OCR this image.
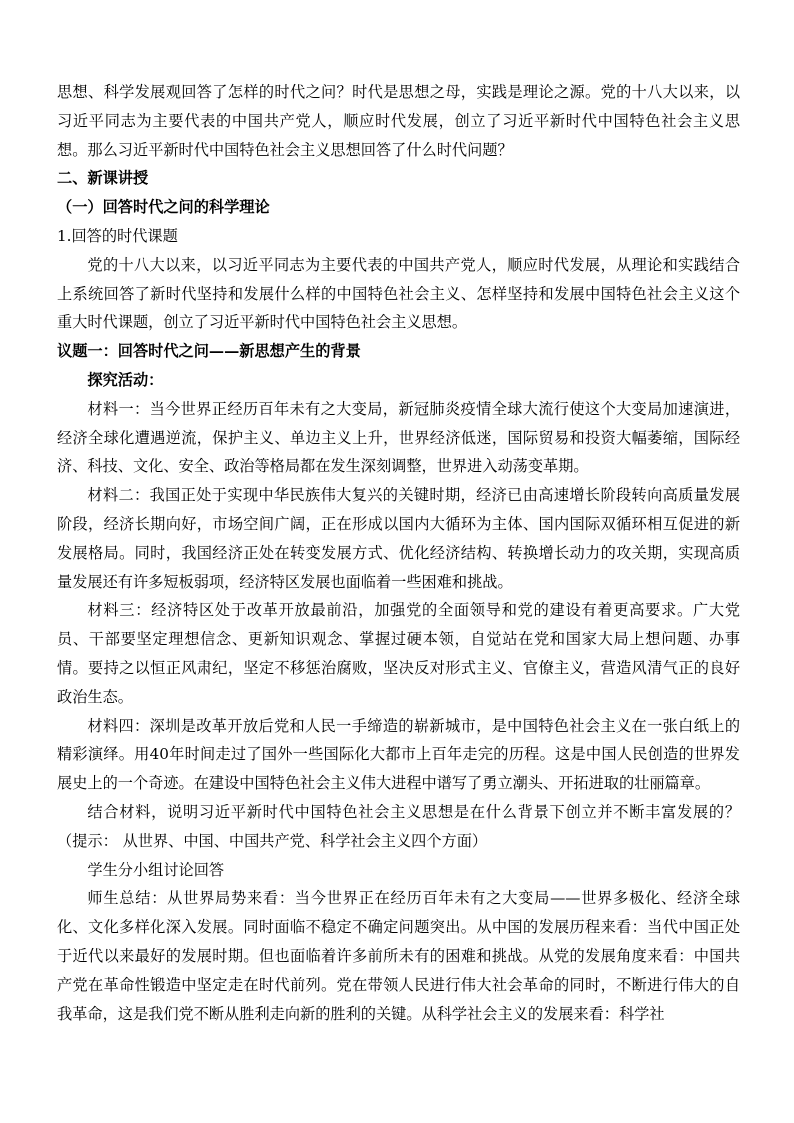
思想、科学发展观回答了怎样的时代之问？时代是思想之母，实践是理论之源。党的十八大以来，以习近平同志为主要代表的中国共产党人，顺应时代发展，创立了习近平新时代中国特色社会主义思想。那么习近平新时代中国特色社会主义思想回答了什么时代问题？

二、新课讲授

（一）回答时代之问的科学理论

1.回答的时代课题

党的十八大以来，以习近平同志为主要代表的中国共产党人，顺应时代发展，从理论和实践结合上系统回答了新时代坚持和发展什么样的中国特色社会主义、怎样坚持和发展中国特色社会主义这个重大时代课题，创立了习近平新时代中国特色社会主义思想。

议题一：回答时代之问——新思想产生的背景

探究活动：

材料一：当今世界正经历百年未有之大变局，新冠肺炎疫情全球大流行使这个大变局加速演进，经济全球化遭遇逆流，保护主义、单边主义上升，世界经济低迷，国际贸易和投资大幅萎缩，国际经济、科技、文化、安全、政治等格局都在发生深刻调整，世界进入动荡变革期。

材料二：我国正处于实现中华民族伟大复兴的关键时期，经济已由高速增长阶段转向高质量发展阶段，经济长期向好，市场空间广阔，正在形成以国内大循环为主体、国内国际双循环相互促进的新发展格局。同时，我国经济正处在转变发展方式、优化经济结构、转换增长动力的攻关期，实现高质量发展还有许多短板弱项，经济特区发展也面临着一些困难和挑战。

材料三：经济特区处于改革开放最前沿，加强党的全面领导和党的建设有着更高要求。广大党员、干部要坚定理想信念、更新知识观念、掌握过硬本领，自觉站在党和国家大局上想问题、办事情。要持之以恒正风肃纪，坚定不移惩治腐败，坚决反对形式主义、官僚主义，营造风清气正的良好政治生态。

材料四：深圳是改革开放后党和人民一手缔造的崭新城市，是中国特色社会主义在一张白纸上的精彩演绎。用40年时间走过了国外一些国际化大都市上百年走完的历程。这是中国人民创造的世界发展史上的一个奇迹。在建设中国特色社会主义伟大进程中谱写了勇立潮头、开拓进取的壮丽篇章。

结合材料，说明习近平新时代中国特色社会主义思想是在什么背景下创立并不断丰富发展的？（提示： 从世界、中国、中国共产党、科学社会主义四个方面）

学生分小组讨论回答

师生总结：从世界局势来看：当今世界正在经历百年未有之大变局——世界多极化、经济全球化、文化多样化深入发展。同时面临不稳定不确定问题突出。从中国的发展历程来看：当代中国正处于近代以来最好的发展时期。但也面临着许多前所未有的困难和挑战。从党的发展角度来看：中国共产党在革命性锻造中坚定走在时代前列。党在带领人民进行伟大社会革命的同时，不断进行伟大的自我革命，这是我们党不断从胜利走向新的胜利的关键。从科学社会主义的发展来看：科学社
